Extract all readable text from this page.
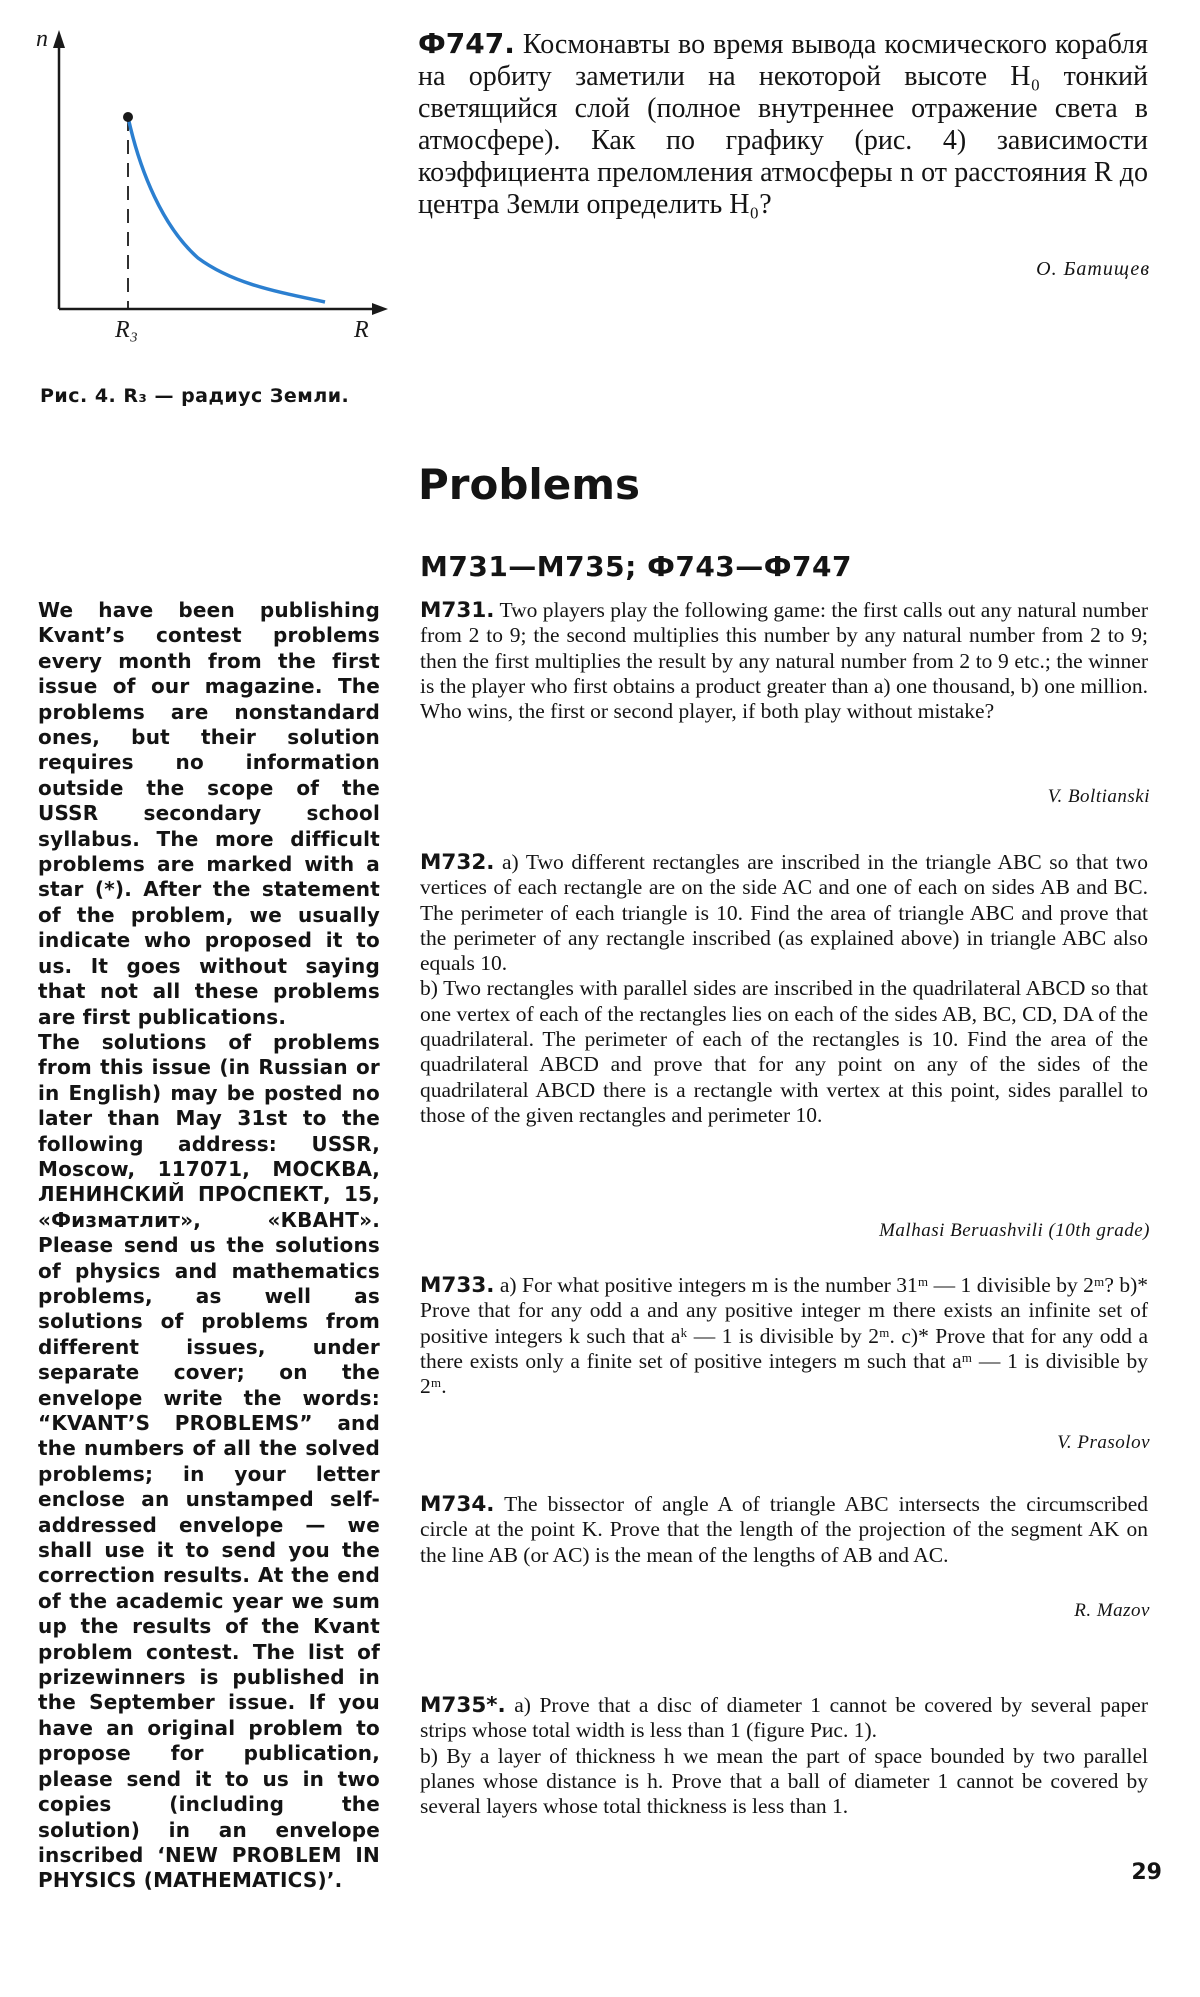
n
R
R₃
Рис. 4. R₃ — радиус Земли.
Ф747. Космонавты во время вывода космического корабля на орбиту заметили на некоторой высоте H₀ тонкий светящийся слой (полное внутреннее отражение света в атмосфере). Как по графику (рис. 4) зависимости коэффициента преломления атмосферы n от расстояния R до центра Земли определить H₀?
О. Батищев
Problems
M731—M735; Ф743—Ф747

We have been publishing Kvant’s contest problems every month from the first issue of our magazine. The problems are nonstandard ones, but their solution requires no information outside the scope of the USSR secondary school syllabus. The more difficult problems are marked with a star (*). After the statement of the problem, we usually indicate who proposed it to us. It goes without saying that not all these problems are first publications.

The solutions of problems from this issue (in Russian or in English) may be posted no later than May 31st to the following address: USSR, Moscow, 117071, МОСКВА, ЛЕНИНСКИЙ ПРОСПЕКТ, 15, «Физматлит», «КВАНТ». Please send us the solutions of physics and mathematics problems, as well as solutions of problems from different issues, under separate cover; on the envelope write the words: “KVANT’S PROBLEMS” and the numbers of all the solved problems; in your letter enclose an unstamped self-addressed envelope — we shall use it to send you the correction results. At the end of the academic year we sum up the results of the Kvant problem contest. The list of prizewinners is published in the September issue. If you have an original problem to propose for publication, please send it to us in two copies (including the solution) in an envelope inscribed ‘NEW PROBLEM IN PHYSICS (MATHEMATICS)’.

M731. Two players play the following game: the first calls out any natural number from 2 to 9; the second multiplies this number by any natural number from 2 to 9; then the first multiplies the result by any natural number from 2 to 9 etc.; the winner is the player who first obtains a product greater than a) one thousand, b) one million. Who wins, the first or second player, if both play without mistake?

V. Boltianski

M732. a) Two different rectangles are inscribed in the triangle ABC so that two vertices of each rectangle are on the side AC and one of each on sides AB and BC. The perimeter of each triangle is 10. Find the area of triangle ABC and prove that the perimeter of any rectangle inscribed (as explained above) in triangle ABC also equals 10.

b) Two rectangles with parallel sides are inscribed in the quadrilateral ABCD so that one vertex of each of the rectangles lies on each of the sides AB, BC, CD, DA of the quadrilateral. The perimeter of each of the rectangles is 10. Find the area of the quadrilateral ABCD and prove that for any point on any of the sides of the quadrilateral ABCD there is a rectangle with vertex at this point, sides parallel to those of the given rectangles and perimeter 10.

Malhasi Beruashvili (10th grade)

M733. a) For what positive integers m is the number 31ᵐ — 1 divisible by 2ᵐ? b)* Prove that for any odd a and any positive integer m there exists an infinite set of positive integers k such that aᵏ — 1 is divisible by 2ᵐ. c)* Prove that for any odd a there exists only a finite set of positive integers m such that aᵐ — 1 is divisible by 2ᵐ.

V. Prasolov

M734. The bissector of angle A of triangle ABC intersects the circumscribed circle at the point K. Prove that the length of the projection of the segment AK on the line AB (or AC) is the mean of the lengths of AB and AC.

R. Mazov

M735*. a) Prove that a disc of diameter 1 cannot be covered by several paper strips whose total width is less than 1 (figure Рис. 1).

b) By a layer of thickness h we mean the part of space bounded by two parallel planes whose distance is h. Prove that a ball of diameter 1 cannot be covered by several layers whose total thickness is less than 1.

29
